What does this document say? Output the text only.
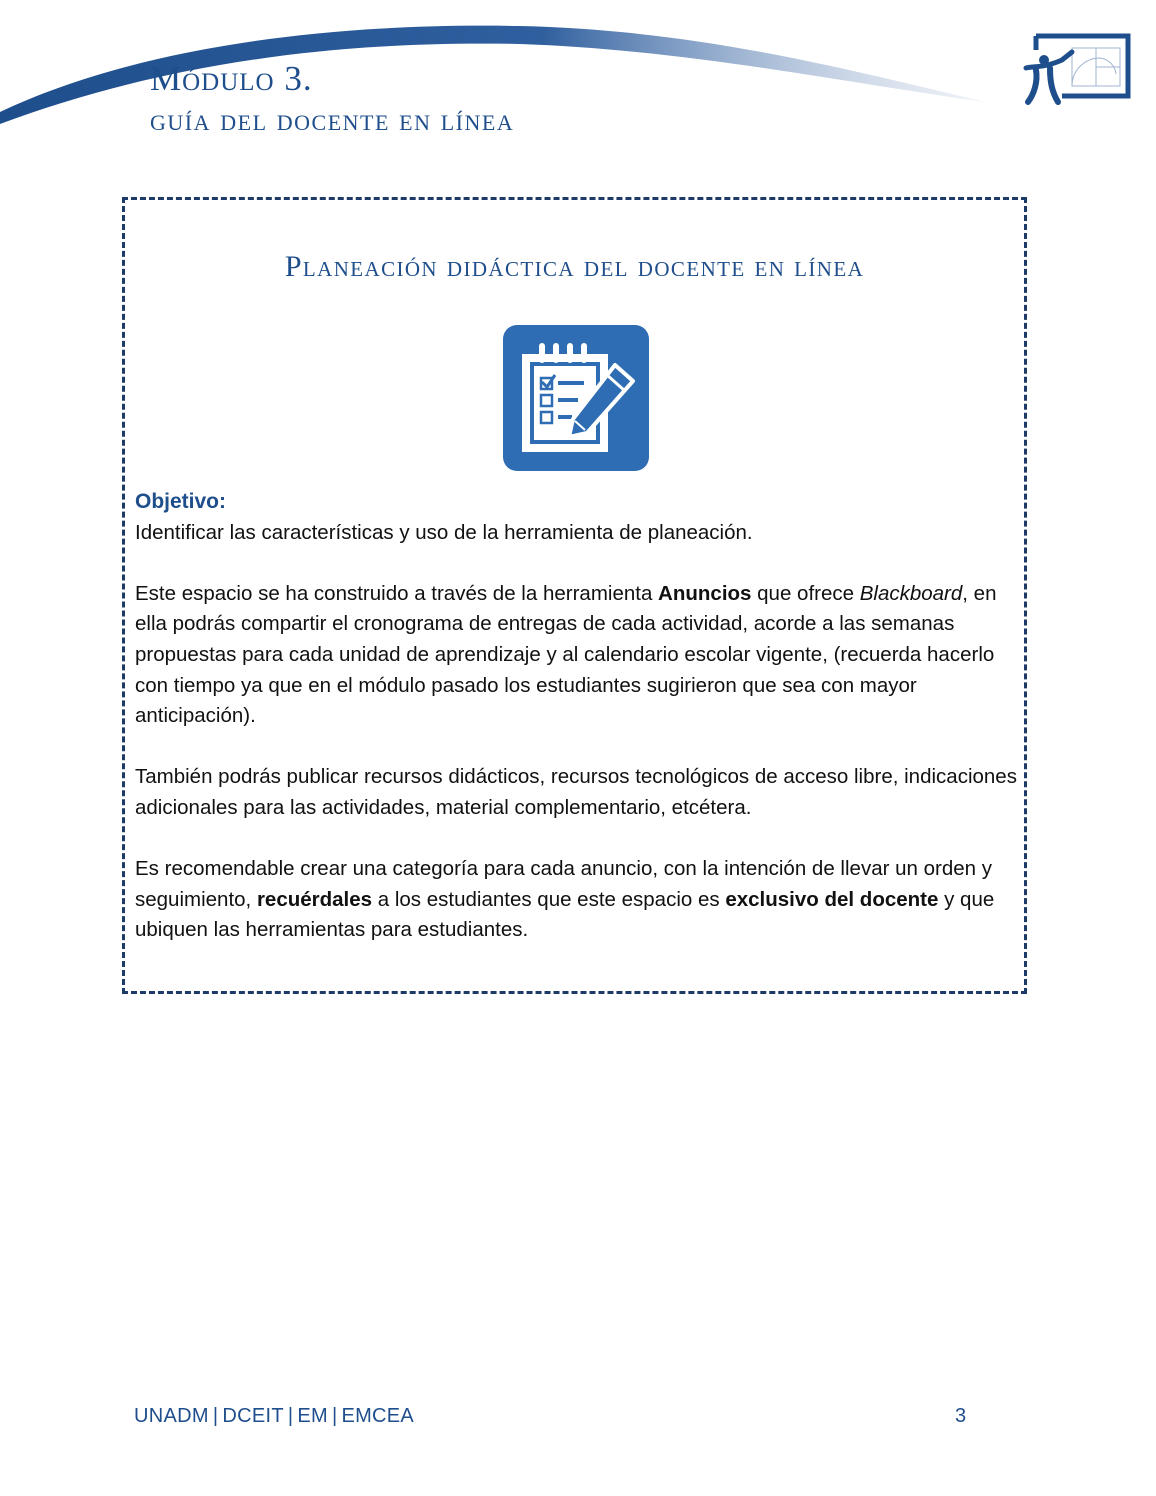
Módulo 3.
guía del docente en línea
Planeación didáctica del docente en línea
Objetivo:

Identificar las características y uso de la herramienta de planeación.

Este espacio se ha construido a través de la herramienta Anuncios que ofrece Blackboard, en ella podrás compartir el cronograma de entregas de cada actividad, acorde a las semanas propuestas para cada unidad de aprendizaje y al calendario escolar vigente, (recuerda hacerlo con tiempo ya que en el módulo pasado los estudiantes sugirieron que sea con mayor anticipación).

También podrás publicar recursos didácticos, recursos tecnológicos de acceso libre, indicaciones adicionales para las actividades, material complementario, etcétera.

Es recomendable crear una categoría para cada anuncio, con la intención de llevar un orden y seguimiento, recuérdales a los estudiantes que este espacio es exclusivo del docente y que ubiquen las herramientas para estudiantes.

UNADM | DCEIT | EM | EMCEA	3
